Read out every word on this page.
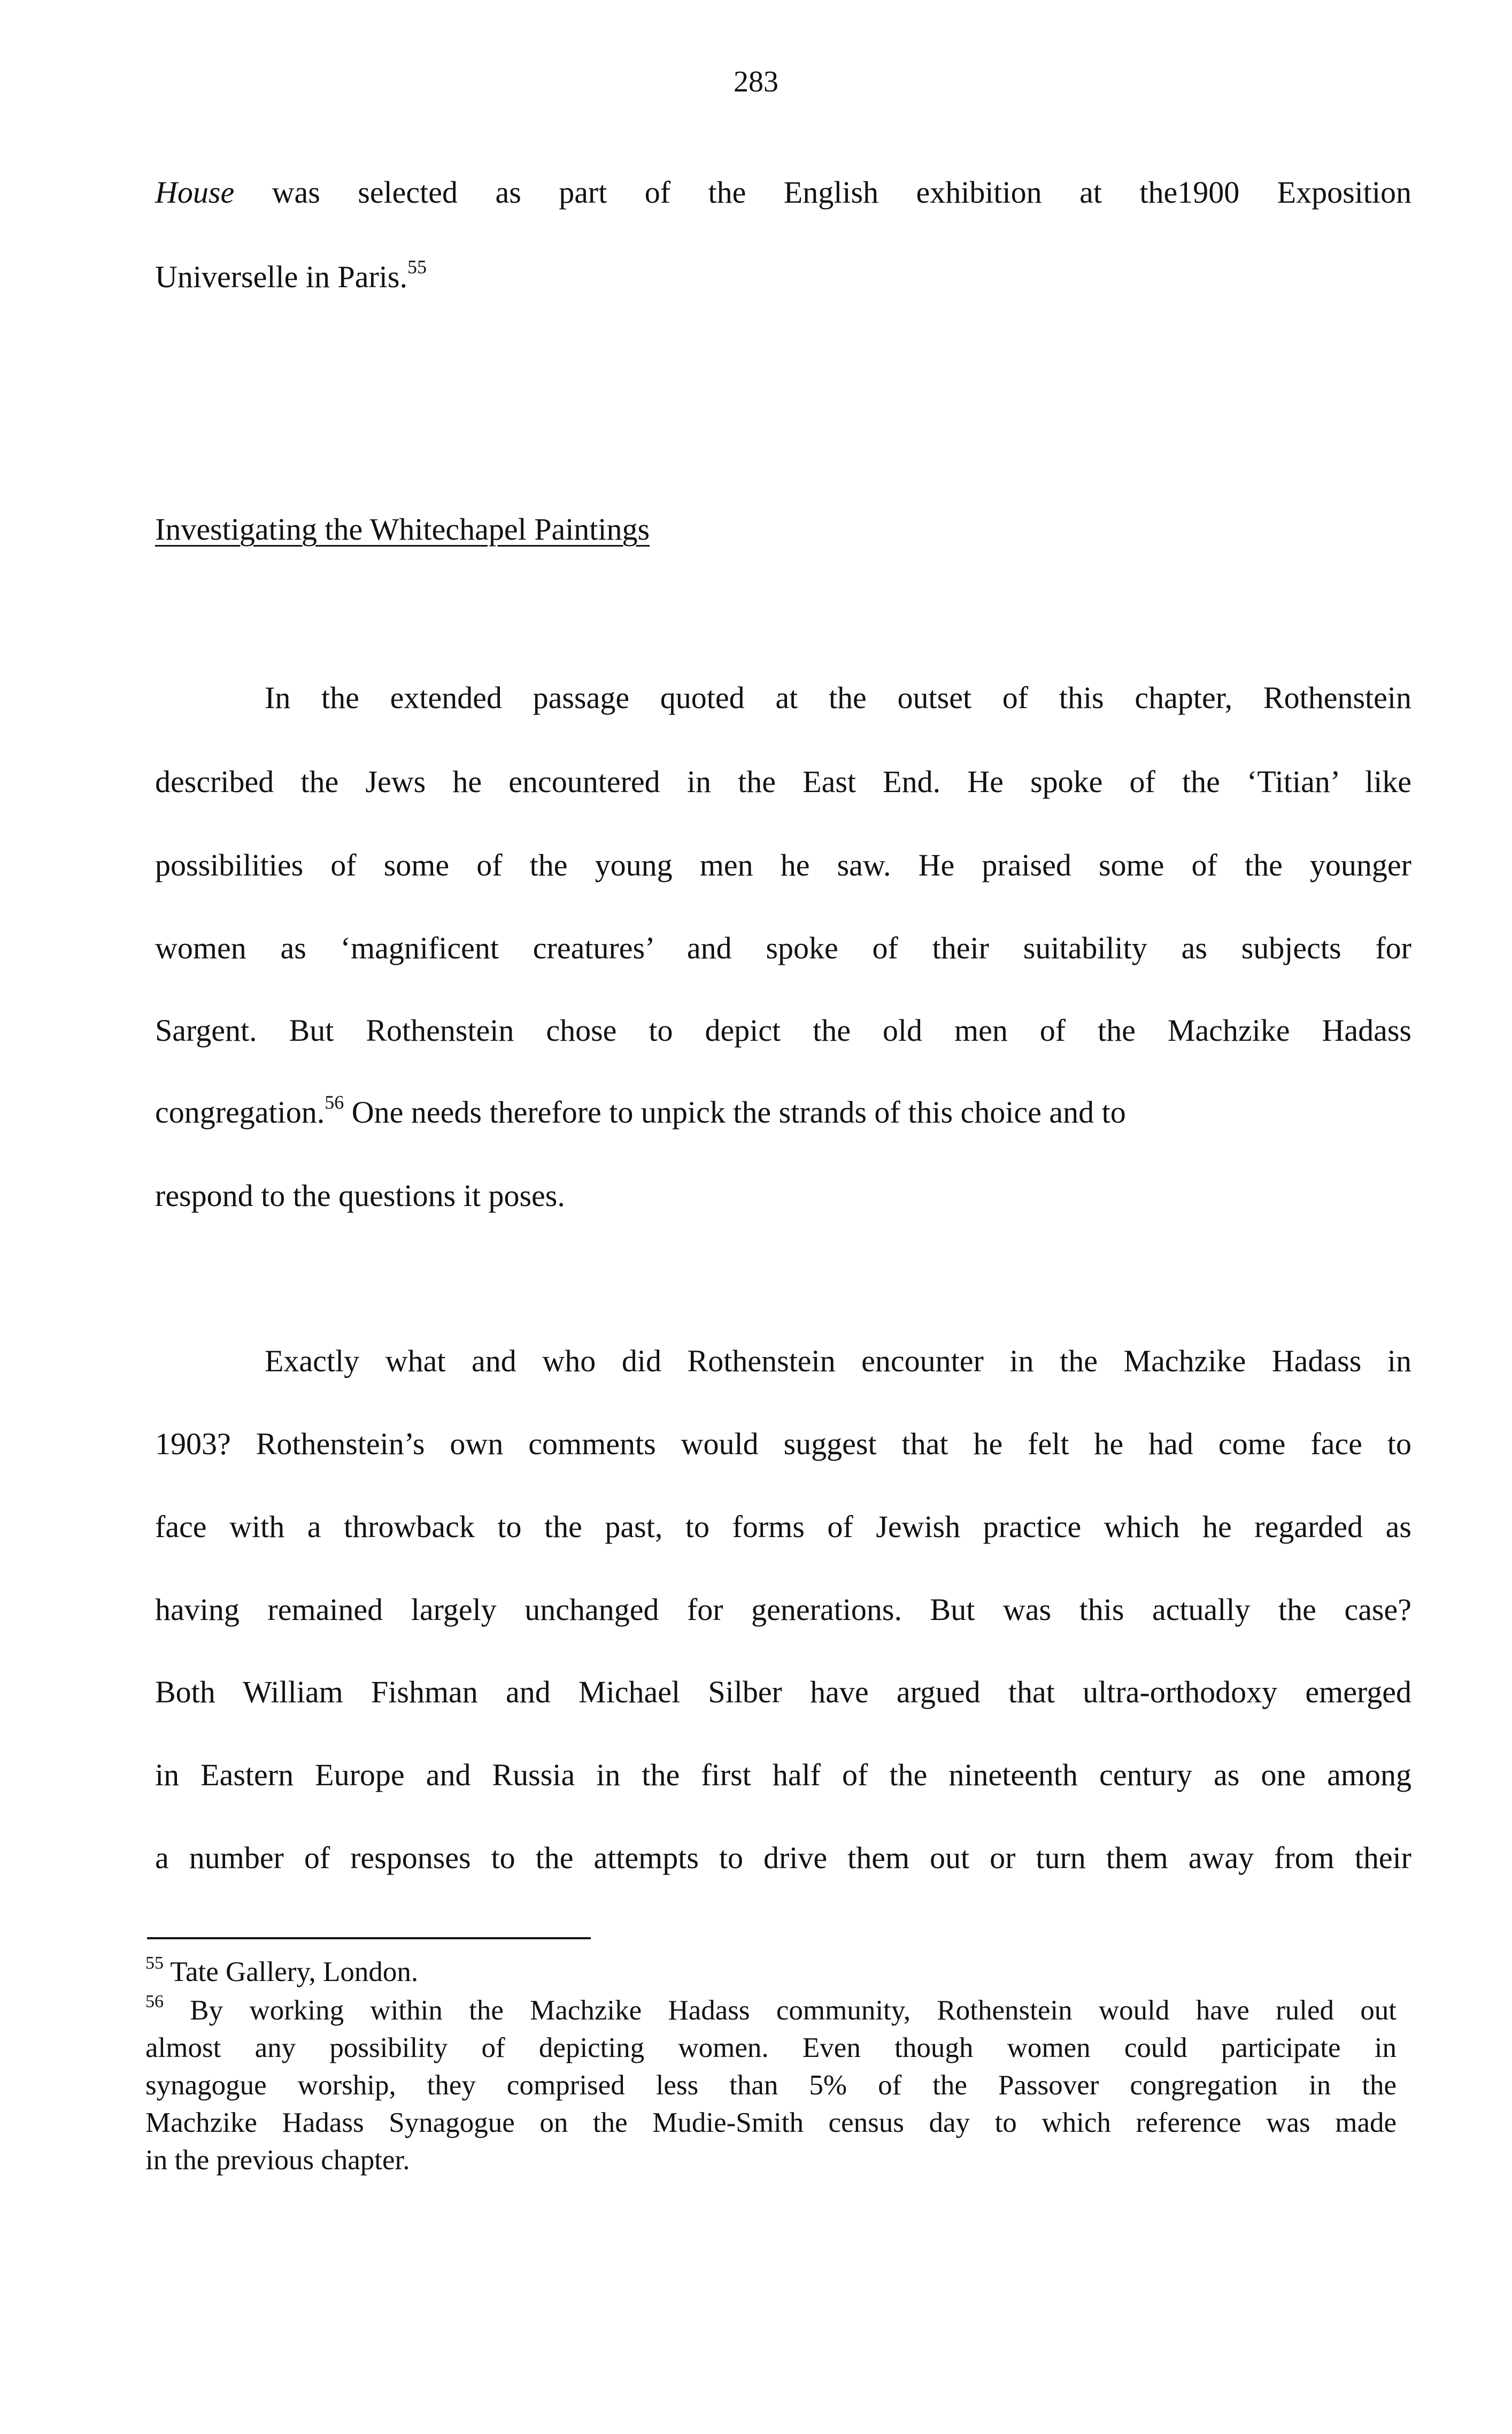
283
House was selected as part of the English exhibition at the1900 Exposition
Universelle in Paris.$^{55}$
Investigating the Whitechapel Paintings
In the extended passage quoted at the outset of this chapter, Rothenstein
described the Jews he encountered in the East End. He spoke of the ‘Titian’ like
possibilities of some of the young men he saw. He praised some of the younger
women as ‘magnificent creatures’ and spoke of their suitability as subjects for
Sargent. But Rothenstein chose to depict the old men of the Machzike Hadass
congregation.$^{56}$ One needs therefore to unpick the strands of this choice and to
respond to the questions it poses.
Exactly what and who did Rothenstein encounter in the Machzike Hadass in
1903? Rothenstein’s own comments would suggest that he felt he had come face to
face with a throwback to the past, to forms of Jewish practice which he regarded as
having remained largely unchanged for generations. But was this actually the case?
Both William Fishman and Michael Silber have argued that ultra-orthodoxy emerged
in Eastern Europe and Russia in the first half of the nineteenth century as one among
a number of responses to the attempts to drive them out or turn them away from their
$^{55}$ Tate Gallery, London.
$^{56}$ By working within the Machzike Hadass community, Rothenstein would have ruled out
almost any possibility of depicting women. Even though women could participate in
synagogue worship, they comprised less than 5% of the Passover congregation in the
Machzike Hadass Synagogue on the Mudie-Smith census day to which reference was made
in the previous chapter.
